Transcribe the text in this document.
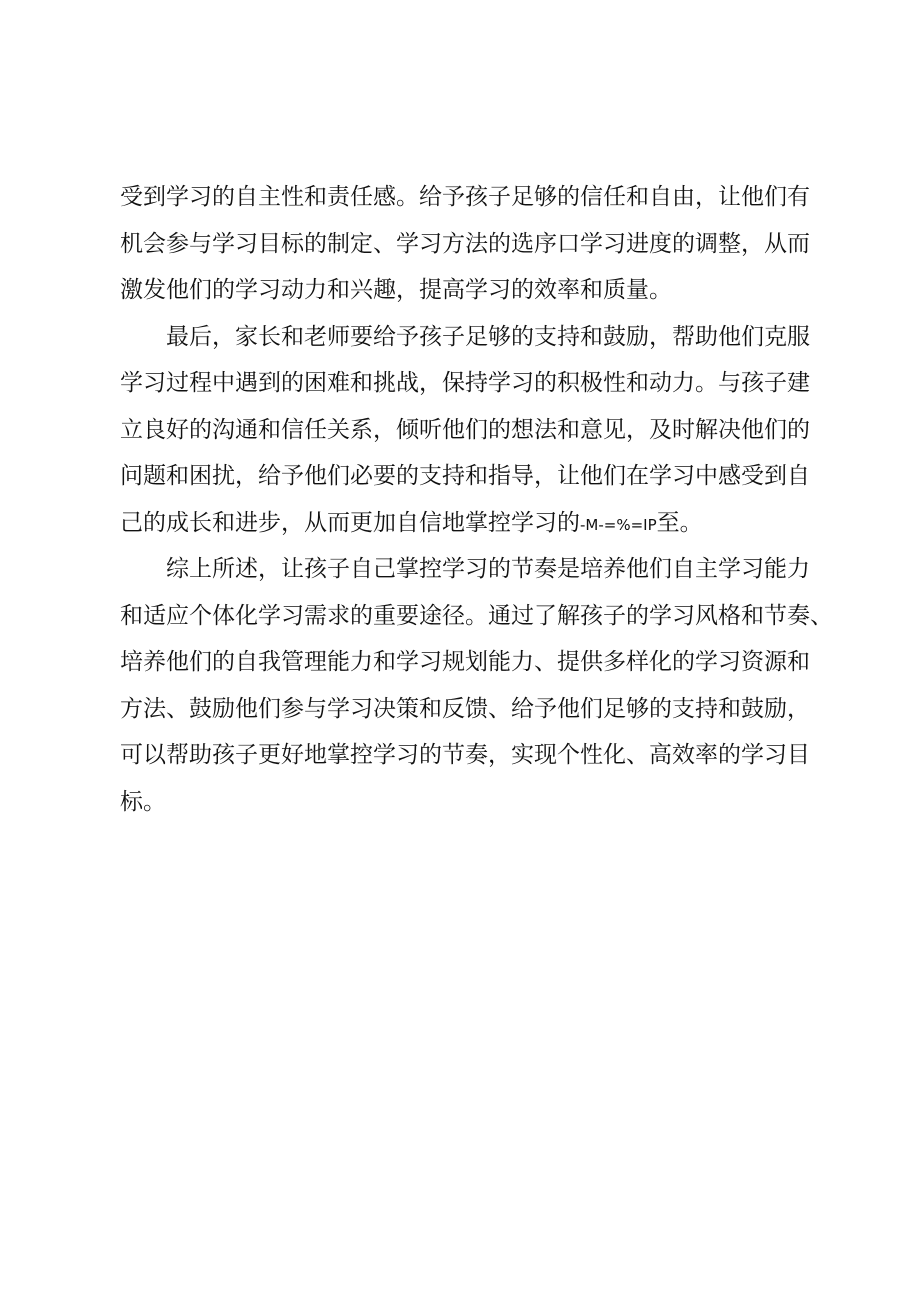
受到学习的自主性和责任感。给予孩子足够的信任和自由，让他们有
机会参与学习目标的制定、学习方法的选序口学习进度的调整，从而
激发他们的学习动力和兴趣，提高学习的效率和质量。
最后，家长和老师要给予孩子足够的支持和鼓励，帮助他们克服
学习过程中遇到的困难和挑战，保持学习的积极性和动力。与孩子建
立良好的沟通和信任关系，倾听他们的想法和意见，及时解决他们的
问题和困扰，给予他们必要的支持和指导，让他们在学习中感受到自
己的成长和进步，从而更加自信地掌控学习的-M-=%=IP至。
综上所述，让孩子自己掌控学习的节奏是培养他们自主学习能力
和适应个体化学习需求的重要途径。通过了解孩子的学习风格和节奏、
培养他们的自我管理能力和学习规划能力、提供多样化的学习资源和
方法、鼓励他们参与学习决策和反馈、给予他们足够的支持和鼓励，
可以帮助孩子更好地掌控学习的节奏，实现个性化、高效率的学习目
标。
